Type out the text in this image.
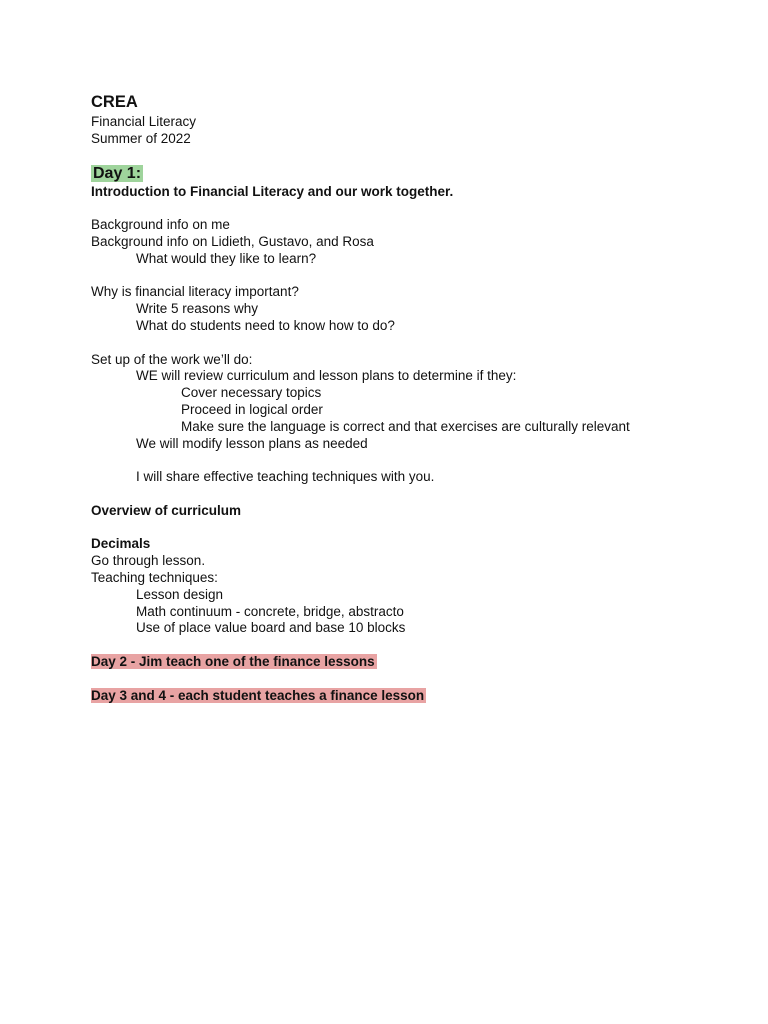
CREA
Financial Literacy
Summer of 2022
Day 1:
Introduction to Financial Literacy and our work together.
Background info on me
Background info on Lidieth, Gustavo, and Rosa
What would they like to learn?
Why is financial literacy important?
Write 5 reasons why
What do students need to know how to do?
Set up of the work we’ll do:
WE will review curriculum and lesson plans to determine if they:
Cover necessary topics
Proceed in logical order
Make sure the language is correct and that exercises are culturally relevant
We will modify lesson plans as needed
I will share effective teaching techniques with you.
Overview of curriculum
Decimals
Go through lesson.
Teaching techniques:
Lesson design
Math continuum - concrete, bridge, abstracto
Use of place value board and base 10 blocks
Day 2 - Jim teach one of the finance lessons
Day 3 and 4 - each student teaches a finance lesson
